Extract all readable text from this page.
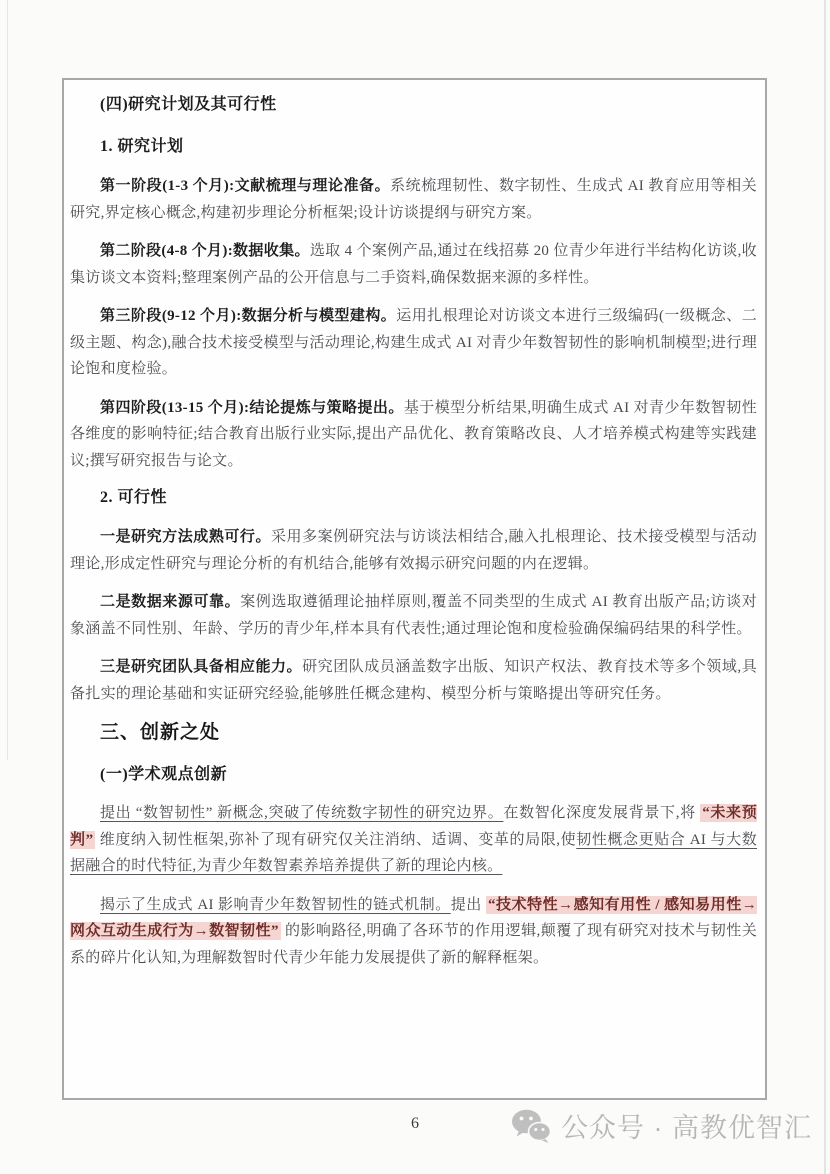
(四)研究计划及其可行性
1. 研究计划

第一阶段(1-3 个月):文献梳理与理论准备。系统梳理韧性、数字韧性、生成式 AI 教育应用等相关研究,界定核心概念,构建初步理论分析框架;设计访谈提纲与研究方案。

第二阶段(4-8 个月):数据收集。选取 4 个案例产品,通过在线招募 20 位青少年进行半结构化访谈,收集访谈文本资料;整理案例产品的公开信息与二手资料,确保数据来源的多样性。

第三阶段(9-12 个月):数据分析与模型建构。运用扎根理论对访谈文本进行三级编码(一级概念、二级主题、构念),融合技术接受模型与活动理论,构建生成式 AI 对青少年数智韧性的影响机制模型;进行理论饱和度检验。

第四阶段(13-15 个月):结论提炼与策略提出。基于模型分析结果,明确生成式 AI 对青少年数智韧性各维度的影响特征;结合教育出版行业实际,提出产品优化、教育策略改良、人才培养模式构建等实践建议;撰写研究报告与论文。

2. 可行性

一是研究方法成熟可行。采用多案例研究法与访谈法相结合,融入扎根理论、技术接受模型与活动理论,形成定性研究与理论分析的有机结合,能够有效揭示研究问题的内在逻辑。

二是数据来源可靠。案例选取遵循理论抽样原则,覆盖不同类型的生成式 AI 教育出版产品;访谈对象涵盖不同性别、年龄、学历的青少年,样本具有代表性;通过理论饱和度检验确保编码结果的科学性。

三是研究团队具备相应能力。研究团队成员涵盖数字出版、知识产权法、教育技术等多个领域,具备扎实的理论基础和实证研究经验,能够胜任概念建构、模型分析与策略提出等研究任务。

三、创新之处
(一)学术观点创新

提出 “数智韧性” 新概念,突破了传统数字韧性的研究边界。在数智化深度发展背景下,将 “未来预判” 维度纳入韧性框架,弥补了现有研究仅关注消纳、适调、变革的局限,使韧性概念更贴合 AI 与大数据融合的时代特征,为青少年数智素养培养提供了新的理论内核。

揭示了生成式 AI 影响青少年数智韧性的链式机制。提出 “技术特性→感知有用性 / 感知易用性→网众互动生成行为→数智韧性” 的影响路径,明确了各环节的作用逻辑,颠覆了现有研究对技术与韧性关系的碎片化认知,为理解数智时代青少年能力发展提供了新的解释框架。

6	公众号 · 高教优智汇
